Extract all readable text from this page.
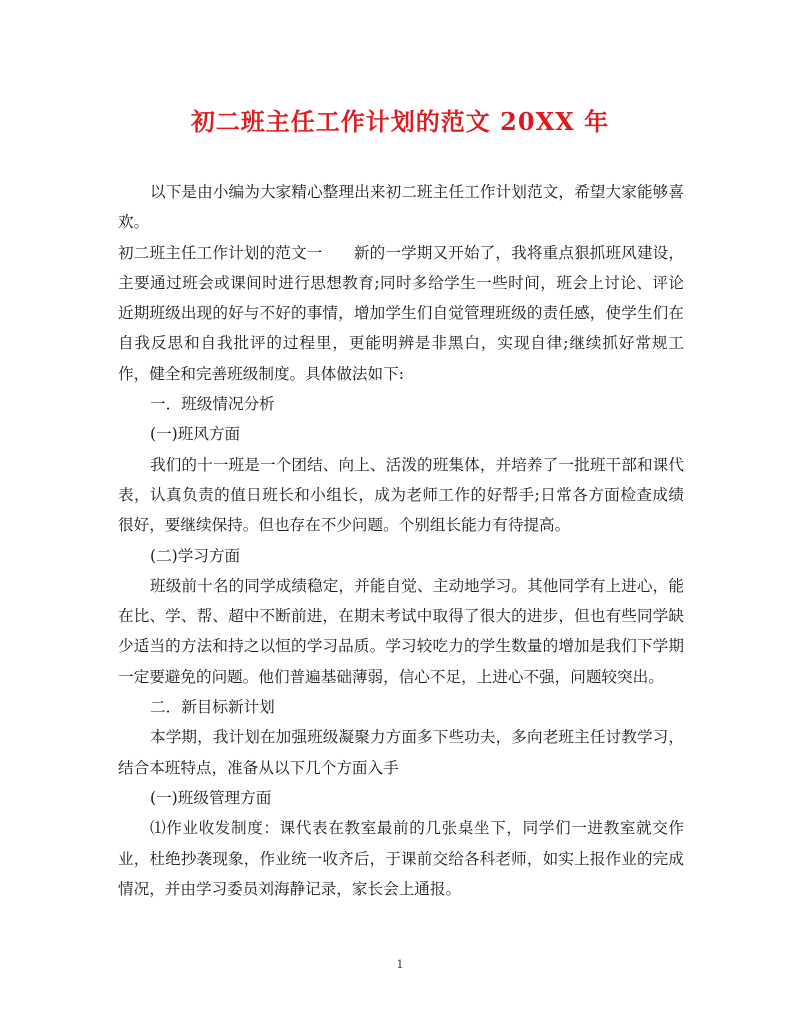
初二班主任工作计划的范文 20XX 年

以下是由小编为大家精心整理出来初二班主任工作计划范文，希望大家能够喜欢。

初二班主任工作计划的范文一　　新的一学期又开始了，我将重点狠抓班风建设，主要通过班会或课间时进行思想教育;同时多给学生一些时间，班会上讨论、评论近期班级出现的好与不好的事情，增加学生们自觉管理班级的责任感，使学生们在自我反思和自我批评的过程里，更能明辨是非黑白，实现自律;继续抓好常规工作，健全和完善班级制度。具体做法如下:

一．班级情况分析

(一)班风方面

我们的十一班是一个团结、向上、活泼的班集体，并培养了一批班干部和课代表，认真负责的值日班长和小组长，成为老师工作的好帮手;日常各方面检查成绩很好，要继续保持。但也存在不少问题。个别组长能力有待提高。

(二)学习方面

班级前十名的同学成绩稳定，并能自觉、主动地学习。其他同学有上进心，能在比、学、帮、超中不断前进，在期末考试中取得了很大的进步，但也有些同学缺少适当的方法和持之以恒的学习品质。学习较吃力的学生数量的增加是我们下学期一定要避免的问题。他们普遍基础薄弱，信心不足，上进心不强，问题较突出。

二．新目标新计划

本学期，我计划在加强班级凝聚力方面多下些功夫，多向老班主任讨教学习，结合本班特点，准备从以下几个方面入手

(一)班级管理方面

⑴作业收发制度：课代表在教室最前的几张桌坐下，同学们一进教室就交作业，杜绝抄袭现象，作业统一收齐后，于课前交给各科老师，如实上报作业的完成情况，并由学习委员刘海静记录，家长会上通报。

1
